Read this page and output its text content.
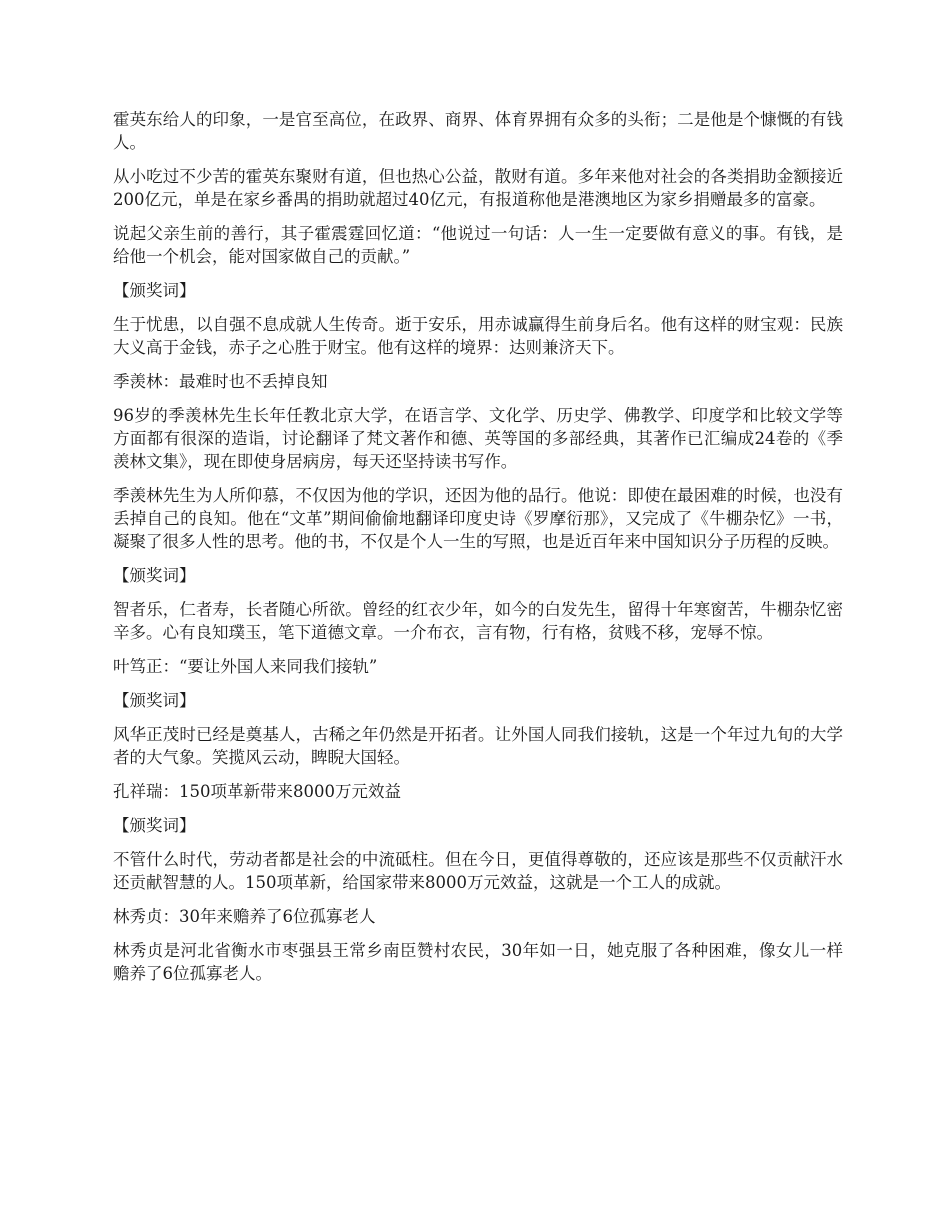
霍英东给人的印象，一是官至高位，在政界、商界、体育界拥有众多的头衔；二是他是个慷慨的有钱人。

从小吃过不少苦的霍英东聚财有道，但也热心公益，散财有道。多年来他对社会的各类捐助金额接近200亿元，单是在家乡番禺的捐助就超过40亿元，有报道称他是港澳地区为家乡捐赠最多的富豪。

说起父亲生前的善行，其子霍震霆回忆道：“他说过一句话：人一生一定要做有意义的事。有钱，是给他一个机会，能对国家做自己的贡献。”

【颁奖词】

生于忧患，以自强不息成就人生传奇。逝于安乐，用赤诚赢得生前身后名。他有这样的财宝观：民族大义高于金钱，赤子之心胜于财宝。他有这样的境界：达则兼济天下。

季羡林：最难时也不丢掉良知

96岁的季羡林先生长年任教北京大学，在语言学、文化学、历史学、佛教学、印度学和比较文学等方面都有很深的造诣，讨论翻译了梵文著作和德、英等国的多部经典，其著作已汇编成24卷的《季羡林文集》，现在即使身居病房，每天还坚持读书写作。

季羡林先生为人所仰慕，不仅因为他的学识，还因为他的品行。他说：即使在最困难的时候，也没有丢掉自己的良知。他在“文革”期间偷偷地翻译印度史诗《罗摩衍那》，又完成了《牛棚杂忆》一书，凝聚了很多人性的思考。他的书，不仅是个人一生的写照，也是近百年来中国知识分子历程的反映。

【颁奖词】

智者乐，仁者寿，长者随心所欲。曾经的红衣少年，如今的白发先生，留得十年寒窗苦，牛棚杂忆密辛多。心有良知璞玉，笔下道德文章。一介布衣，言有物，行有格，贫贱不移，宠辱不惊。

叶笃正：“要让外国人来同我们接轨”

【颁奖词】

风华正茂时已经是奠基人，古稀之年仍然是开拓者。让外国人同我们接轨，这是一个年过九旬的大学者的大气象。笑揽风云动，睥睨大国轻。

孔祥瑞：150项革新带来8000万元效益

【颁奖词】

不管什么时代，劳动者都是社会的中流砥柱。但在今日，更值得尊敬的，还应该是那些不仅贡献汗水还贡献智慧的人。150项革新，给国家带来8000万元效益，这就是一个工人的成就。

林秀贞：30年来赡养了6位孤寡老人

林秀贞是河北省衡水市枣强县王常乡南臣赞村农民，30年如一日，她克服了各种困难，像女儿一样赡养了6位孤寡老人。
